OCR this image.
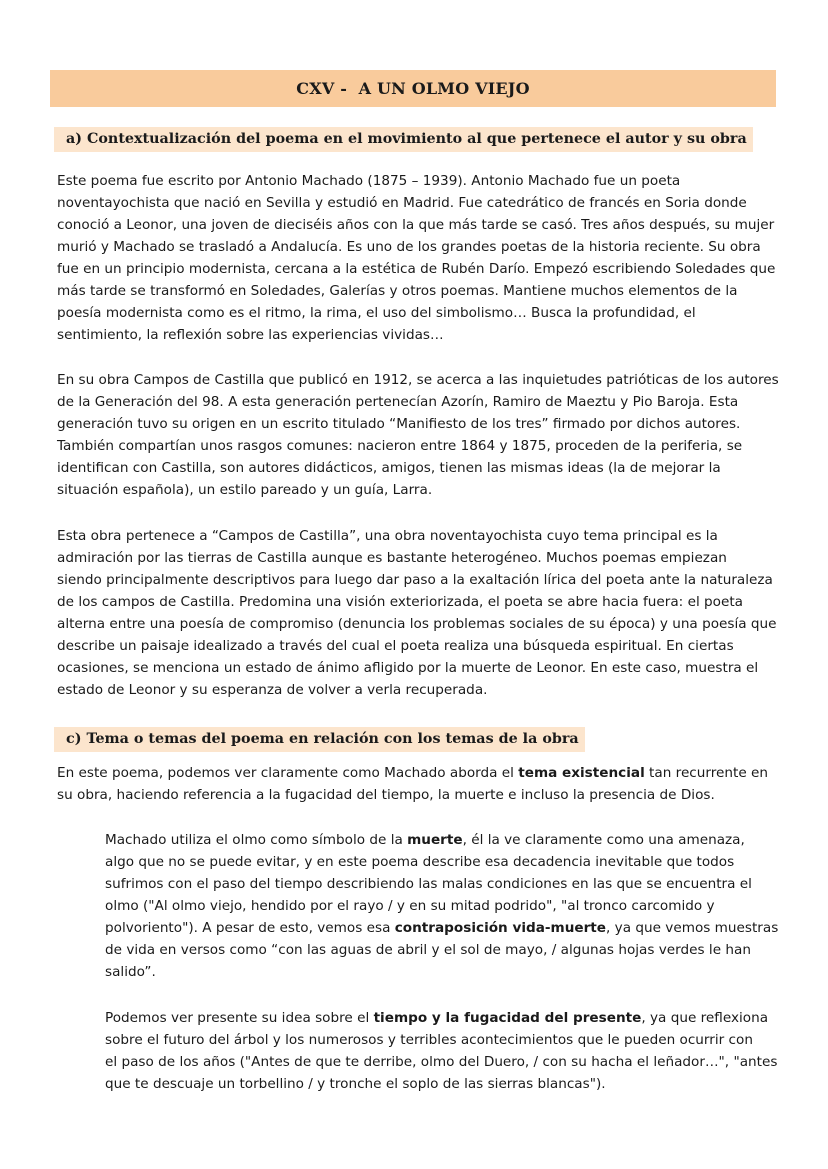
CXV -  A UN OLMO VIEJO
a) Contextualización del poema en el movimiento al que pertenece el autor y su obra
Este poema fue escrito por Antonio Machado (1875 – 1939). Antonio Machado fue un poeta
noventayochista que nació en Sevilla y estudió en Madrid. Fue catedrático de francés en Soria donde
conoció a Leonor, una joven de dieciséis años con la que más tarde se casó. Tres años después, su mujer
murió y Machado se trasladó a Andalucía. Es uno de los grandes poetas de la historia reciente. Su obra
fue en un principio modernista, cercana a la estética de Rubén Darío. Empezó escribiendo Soledades que
más tarde se transformó en Soledades, Galerías y otros poemas. Mantiene muchos elementos de la
poesía modernista como es el ritmo, la rima, el uso del simbolismo… Busca la profundidad, el
sentimiento, la reflexión sobre las experiencias vividas…
En su obra Campos de Castilla que publicó en 1912, se acerca a las inquietudes patrióticas de los autores
de la Generación del 98. A esta generación pertenecían Azorín, Ramiro de Maeztu y Pio Baroja. Esta
generación tuvo su origen en un escrito titulado “Manifiesto de los tres” firmado por dichos autores.
También compartían unos rasgos comunes: nacieron entre 1864 y 1875, proceden de la periferia, se
identifican con Castilla, son autores didácticos, amigos, tienen las mismas ideas (la de mejorar la
situación española), un estilo pareado y un guía, Larra.
Esta obra pertenece a “Campos de Castilla”, una obra noventayochista cuyo tema principal es la
admiración por las tierras de Castilla aunque es bastante heterogéneo. Muchos poemas empiezan
siendo principalmente descriptivos para luego dar paso a la exaltación lírica del poeta ante la naturaleza
de los campos de Castilla. Predomina una visión exteriorizada, el poeta se abre hacia fuera: el poeta
alterna entre una poesía de compromiso (denuncia los problemas sociales de su época) y una poesía que
describe un paisaje idealizado a través del cual el poeta realiza una búsqueda espiritual. En ciertas
ocasiones, se menciona un estado de ánimo afligido por la muerte de Leonor. En este caso, muestra el
estado de Leonor y su esperanza de volver a verla recuperada.
c) Tema o temas del poema en relación con los temas de la obra
En este poema, podemos ver claramente como Machado aborda el tema existencial tan recurrente en
su obra, haciendo referencia a la fugacidad del tiempo, la muerte e incluso la presencia de Dios.
Machado utiliza el olmo como símbolo de la muerte, él la ve claramente como una amenaza,
algo que no se puede evitar, y en este poema describe esa decadencia inevitable que todos
sufrimos con el paso del tiempo describiendo las malas condiciones en las que se encuentra el
olmo ("Al olmo viejo, hendido por el rayo / y en su mitad podrido", "al tronco carcomido y
polvoriento"). A pesar de esto, vemos esa contraposición vida-muerte, ya que vemos muestras
de vida en versos como “con las aguas de abril y el sol de mayo, / algunas hojas verdes le han
salido”.
Podemos ver presente su idea sobre el tiempo y la fugacidad del presente, ya que reflexiona
sobre el futuro del árbol y los numerosos y terribles acontecimientos que le pueden ocurrir con
el paso de los años ("Antes de que te derribe, olmo del Duero, / con su hacha el leñador…", "antes
que te descuaje un torbellino / y tronche el soplo de las sierras blancas").
